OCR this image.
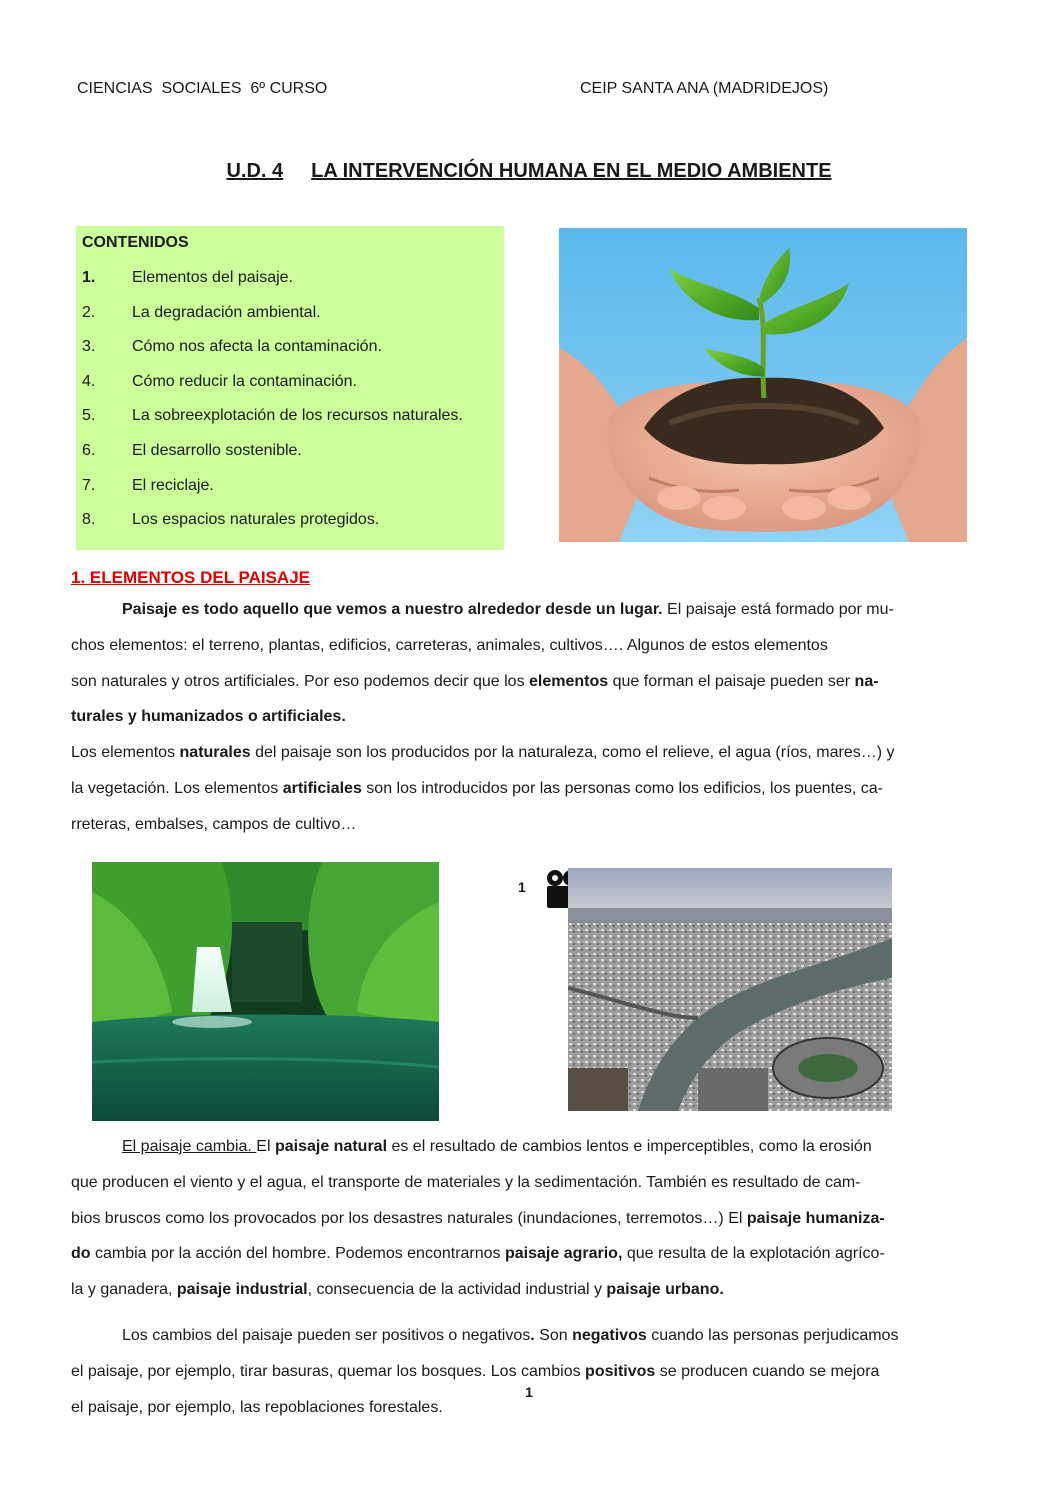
CIENCIAS  SOCIALES  6º CURSO	CEIP SANTA ANA (MADRIDEJOS)
U.D. 4 LA INTERVENCIÓN HUMANA EN EL MEDIO AMBIENTE
CONTENIDOS
1.	Elementos del paisaje.
2.	La degradación ambiental.
3.	Cómo nos afecta la contaminación.
4.	Cómo reducir la contaminación.
5.	La sobreexplotación de los recursos naturales.
6.	El desarrollo sostenible.
7.	El reciclaje.
8.	Los espacios naturales protegidos.
1. ELEMENTOS DEL PAISAJE
Paisaje es todo aquello que vemos a nuestro alrededor desde un lugar. El paisaje está formado por mu-
chos elementos: el terreno, plantas, edificios, carreteras, animales, cultivos…. Algunos de estos elementos
son naturales y otros artificiales. Por eso podemos decir que los elementos que forman el paisaje pueden ser na-
turales y humanizados o artificiales.
Los elementos naturales del paisaje son los producidos por la naturaleza, como el relieve, el agua (ríos, mares…) y
la vegetación. Los elementos artificiales son los introducidos por las personas como los edificios, los puentes, ca-
rreteras, embalses, campos de cultivo…
1
El paisaje cambia. El paisaje natural es el resultado de cambios lentos e imperceptibles, como la erosión
que producen el viento y el agua, el transporte de materiales y la sedimentación. También es resultado de cam-
bios bruscos como los provocados por los desastres naturales (inundaciones, terremotos…) El paisaje humaniza-
do cambia por la acción del hombre. Podemos encontrarnos paisaje agrario, que resulta de la explotación agríco-
la y ganadera, paisaje industrial, consecuencia de la actividad industrial y paisaje urbano.
Los cambios del paisaje pueden ser positivos o negativos. Son negativos cuando las personas perjudicamos
el paisaje, por ejemplo, tirar basuras, quemar los bosques. Los cambios positivos se producen cuando se mejora
el paisaje, por ejemplo, las repoblaciones forestales.
1
